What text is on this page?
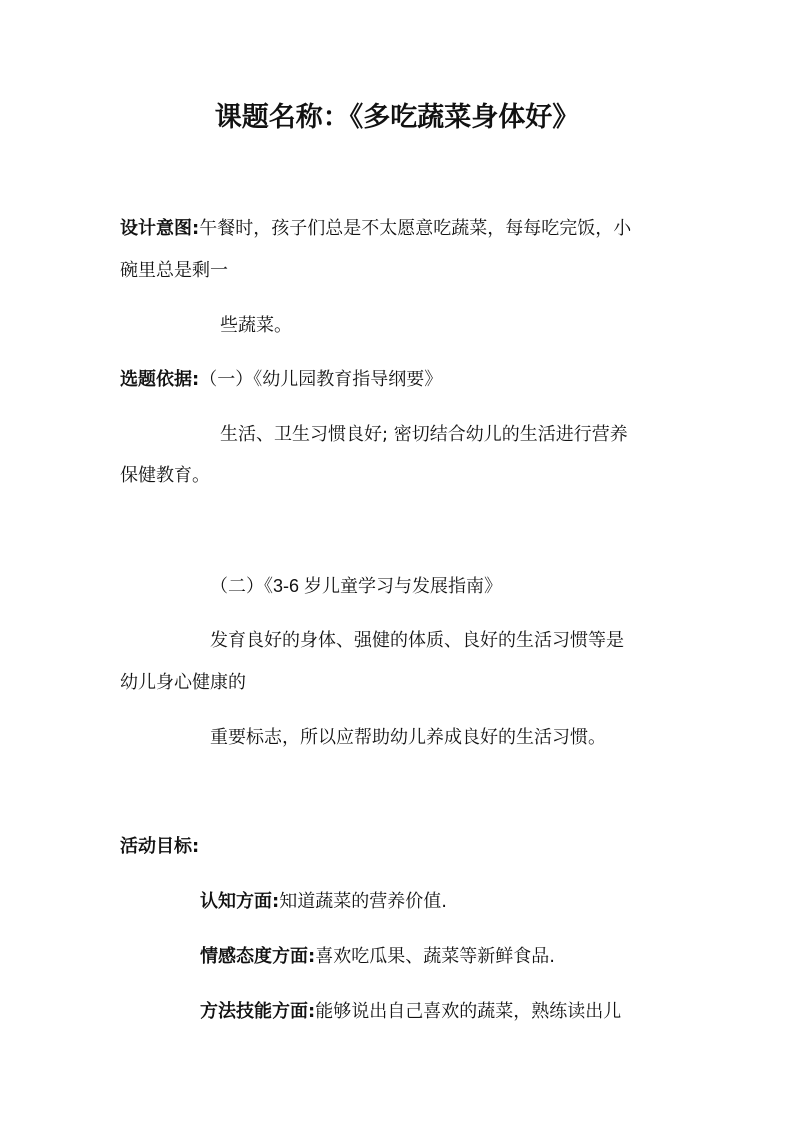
课题名称：《多吃蔬菜身体好》
设计意图:午餐时，孩子们总是不太愿意吃蔬菜，每每吃完饭，小
碗里总是剩一
些蔬菜。
选题依据:（一）《幼儿园教育指导纲要》
生活、卫生习惯良好; 密切结合幼儿的生活进行营养
保健教育。
（二）《3-6 岁儿童学习与发展指南》
发育良好的身体、强健的体质、良好的生活习惯等是
幼儿身心健康的
重要标志，所以应帮助幼儿养成良好的生活习惯。
活动目标:
认知方面:知道蔬菜的营养价值.
情感态度方面:喜欢吃瓜果、蔬菜等新鲜食品.
方法技能方面:能够说出自己喜欢的蔬菜，熟练读出儿
